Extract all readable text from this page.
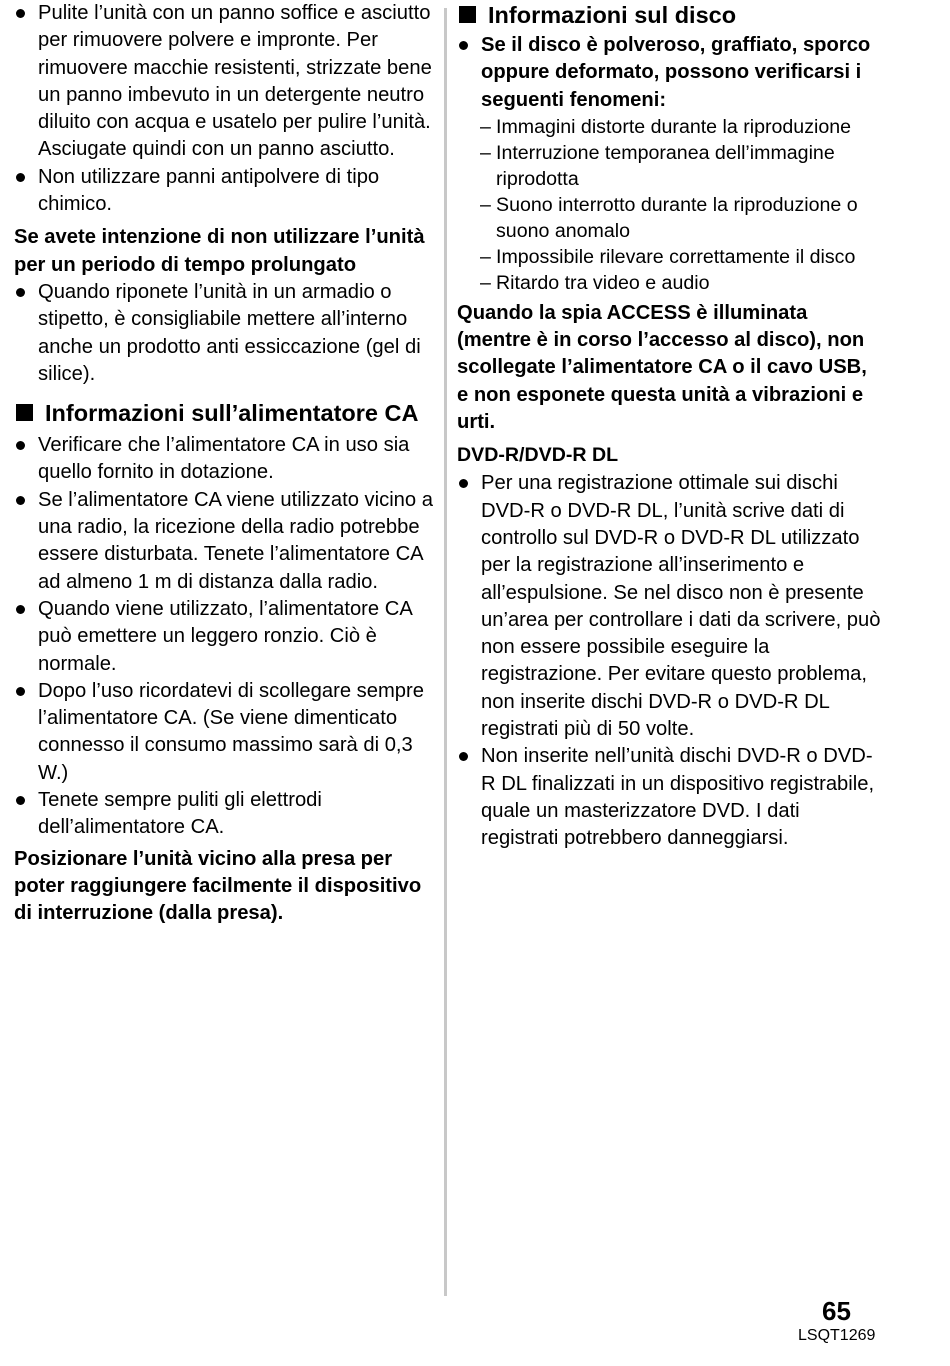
Pulite l’unità con un panno soffice e asciutto per rimuovere polvere e impronte. Per rimuovere macchie resistenti, strizzate bene un panno imbevuto in un detergente neutro diluito con acqua e usatelo per pulire l’unità. Asciugate quindi con un panno asciutto.
Non utilizzare panni antipolvere di tipo chimico.
Se avete intenzione di non utilizzare l’unità per un periodo di tempo prolungato
Quando riponete l’unità in un armadio o stipetto, è consigliabile mettere all’interno anche un prodotto anti essiccazione (gel di silice).
Informazioni sull’alimentatore CA
Verificare che l’alimentatore CA in uso sia quello fornito in dotazione.
Se l’alimentatore CA viene utilizzato vicino a una radio, la ricezione della radio potrebbe essere disturbata. Tenete l’alimentatore CA ad almeno 1 m di distanza dalla radio.
Quando viene utilizzato, l’alimentatore CA può emettere un leggero ronzio. Ciò è normale.
Dopo l’uso ricordatevi di scollegare sempre l’alimentatore CA. (Se viene dimenticato connesso il consumo massimo sarà di 0,3 W.)
Tenete sempre puliti gli elettrodi dell’alimentatore CA.
Posizionare l’unità vicino alla presa per poter raggiungere facilmente il dispositivo di interruzione (dalla presa).
Informazioni sul disco
Se il disco è polveroso, graffiato, sporco oppure deformato, possono verificarsi i seguenti fenomeni:
– Immagini distorte durante la riproduzione
– Interruzione temporanea dell’immagine riprodotta
– Suono interrotto durante la riproduzione o suono anomalo
– Impossibile rilevare correttamente il disco
– Ritardo tra video e audio
Quando la spia ACCESS è illuminata (mentre è in corso l’accesso al disco), non scollegate l’alimentatore CA o il cavo USB, e non esponete questa unità a vibrazioni e urti.
DVD-R/DVD-R DL
Per una registrazione ottimale sui dischi DVD-R o DVD-R DL, l’unità scrive dati di controllo sul DVD-R o DVD-R DL utilizzato per la registrazione all’inserimento e all’espulsione. Se nel disco non è presente un’area per controllare i dati da scrivere, può non essere possibile eseguire la registrazione. Per evitare questo problema, non inserite dischi DVD-R o DVD-R DL registrati più di 50 volte.
Non inserite nell’unità dischi DVD-R o DVD-R DL finalizzati in un dispositivo registrabile, quale un masterizzatore DVD. I dati registrati potrebbero danneggiarsi.
65
LSQT1269
